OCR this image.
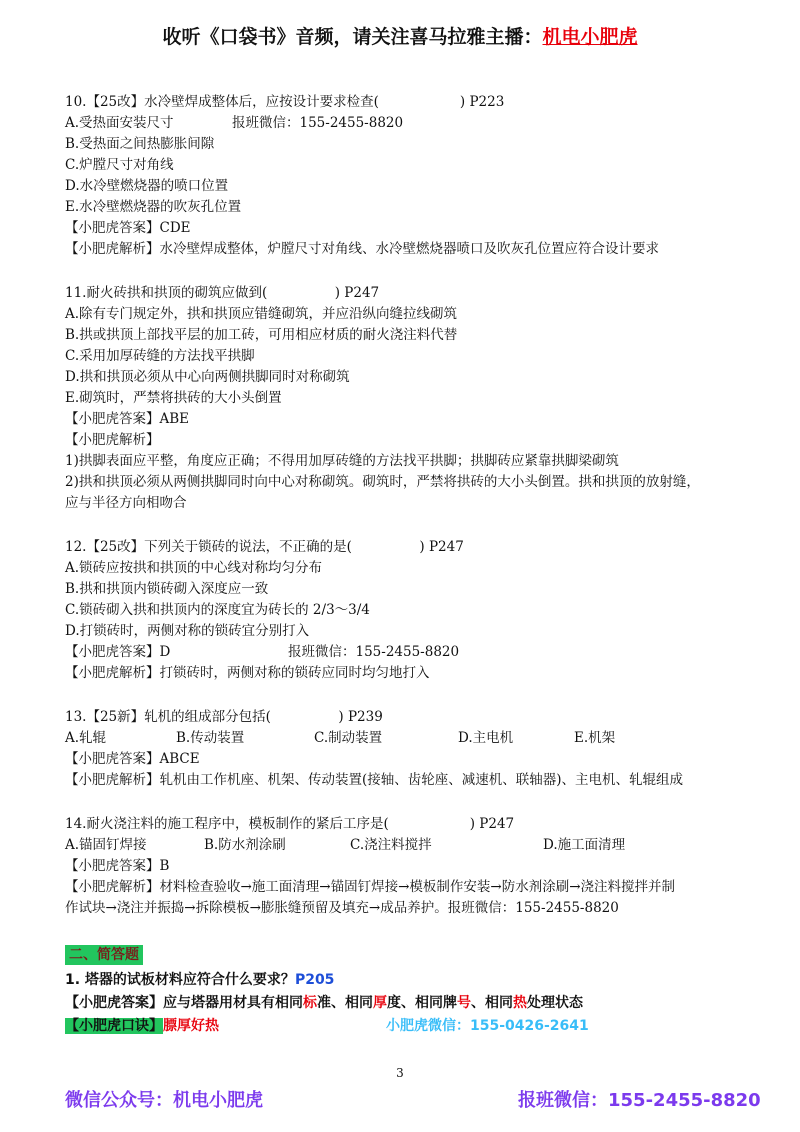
收听《口袋书》音频，请关注喜马拉雅主播：机电小肥虎
10.【25改】水冷壁焊成整体后，应按设计要求检查(　　　　　　) P223
A.受热面安装尺寸	报班微信：155-2455-8820
B.受热面之间热膨胀间隙
C.炉膛尺寸对角线
D.水冷壁燃烧器的喷口位置
E.水冷壁燃烧器的吹灰孔位置
【小肥虎答案】CDE
【小肥虎解析】水冷壁焊成整体，炉膛尺寸对角线、水冷壁燃烧器喷口及吹灰孔位置应符合设计要求
11.耐火砖拱和拱顶的砌筑应做到(　　　　　) P247
A.除有专门规定外，拱和拱顶应错缝砌筑，并应沿纵向缝拉线砌筑
B.拱或拱顶上部找平层的加工砖，可用相应材质的耐火浇注料代替
C.采用加厚砖缝的方法找平拱脚
D.拱和拱顶必须从中心向两侧拱脚同时对称砌筑
E.砌筑时，严禁将拱砖的大小头倒置
【小肥虎答案】ABE
【小肥虎解析】
1)拱脚表面应平整，角度应正确；不得用加厚砖缝的方法找平拱脚；拱脚砖应紧靠拱脚梁砌筑
2)拱和拱顶必须从两侧拱脚同时向中心对称砌筑。砌筑时，严禁将拱砖的大小头倒置。拱和拱顶的放射缝，
应与半径方向相吻合
12.【25改】下列关于锁砖的说法，不正确的是(　　　　　) P247
A.锁砖应按拱和拱顶的中心线对称均匀分布
B.拱和拱顶内锁砖砌入深度应一致
C.锁砖砌入拱和拱顶内的深度宜为砖长的 2/3～3/4
D.打锁砖时，两侧对称的锁砖宜分别打入
【小肥虎答案】D	报班微信：155-2455-8820
【小肥虎解析】打锁砖时，两侧对称的锁砖应同时均匀地打入
13.【25新】轧机的组成部分包括(　　　　　) P239
A.轧辊	B.传动装置	C.制动装置	D.主电机	E.机架
【小肥虎答案】ABCE
【小肥虎解析】轧机由工作机座、机架、传动装置(接轴、齿轮座、减速机、联轴器)、主电机、轧辊组成
14.耐火浇注料的施工程序中，模板制作的紧后工序是(　　　　　　) P247
A.锚固钉焊接	B.防水剂涂刷	C.浇注料搅拌	D.施工面清理
【小肥虎答案】B
【小肥虎解析】材料检查验收→施工面清理→锚固钉焊接→模板制作安装→防水剂涂刷→浇注料搅拌并制
作试块→浇注并振捣→拆除模板→膨胀缝预留及填充→成品养护。报班微信：155-2455-8820
二、简答题
1. 塔器的试板材料应符合什么要求？P205
【小肥虎答案】应与塔器用材具有相同标准、相同厚度、相同牌号、相同热处理状态
【小肥虎口诀】膘厚好热	小肥虎微信：155-0426-2641
3
微信公众号：机电小肥虎	报班微信：155-2455-8820
